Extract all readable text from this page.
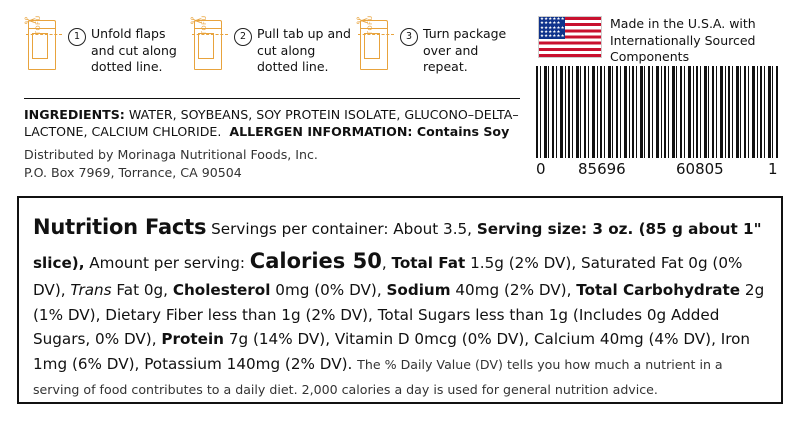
✂
TOFU
1 Unfold flaps and cut along dotted line.
✂
TOFU
2 Pull tab up and cut along dotted line.
✂
TOFU
3 Turn package over and repeat.
★★★★★★
★★★★★
★★★★★★
★★★★★
★★★★★★
Made in the U.S.A. with Internationally Sourced Components
INGREDIENTS: WATER, SOYBEANS, SOY PROTEIN ISOLATE, GLUCONO–DELTA–LACTONE, CALCIUM CHLORIDE.  ALLERGEN INFORMATION: Contains Soy
Distributed by Morinaga Nutritional Foods, Inc.
P.O. Box 7969, Torrance, CA 90504	0 85696	60805	1
Nutrition Facts Servings per container: About 3.5, Serving size: 3 oz. (85 g about 1" slice), Amount per serving: Calories 50, Total Fat 1.5g (2% DV), Saturated Fat 0g (0% DV), Trans Fat 0g, Cholesterol 0mg (0% DV), Sodium 40mg (2% DV), Total Carbohydrate 2g (1% DV), Dietary Fiber less than 1g (2% DV), Total Sugars less than 1g (Includes 0g Added Sugars, 0% DV), Protein 7g (14% DV), Vitamin D 0mcg (0% DV), Calcium 40mg (4% DV), Iron 1mg (6% DV), Potassium 140mg (2% DV). The % Daily Value (DV) tells you how much a nutrient in a serving of food contributes to a daily diet. 2,000 calories a day is used for general nutrition advice.
